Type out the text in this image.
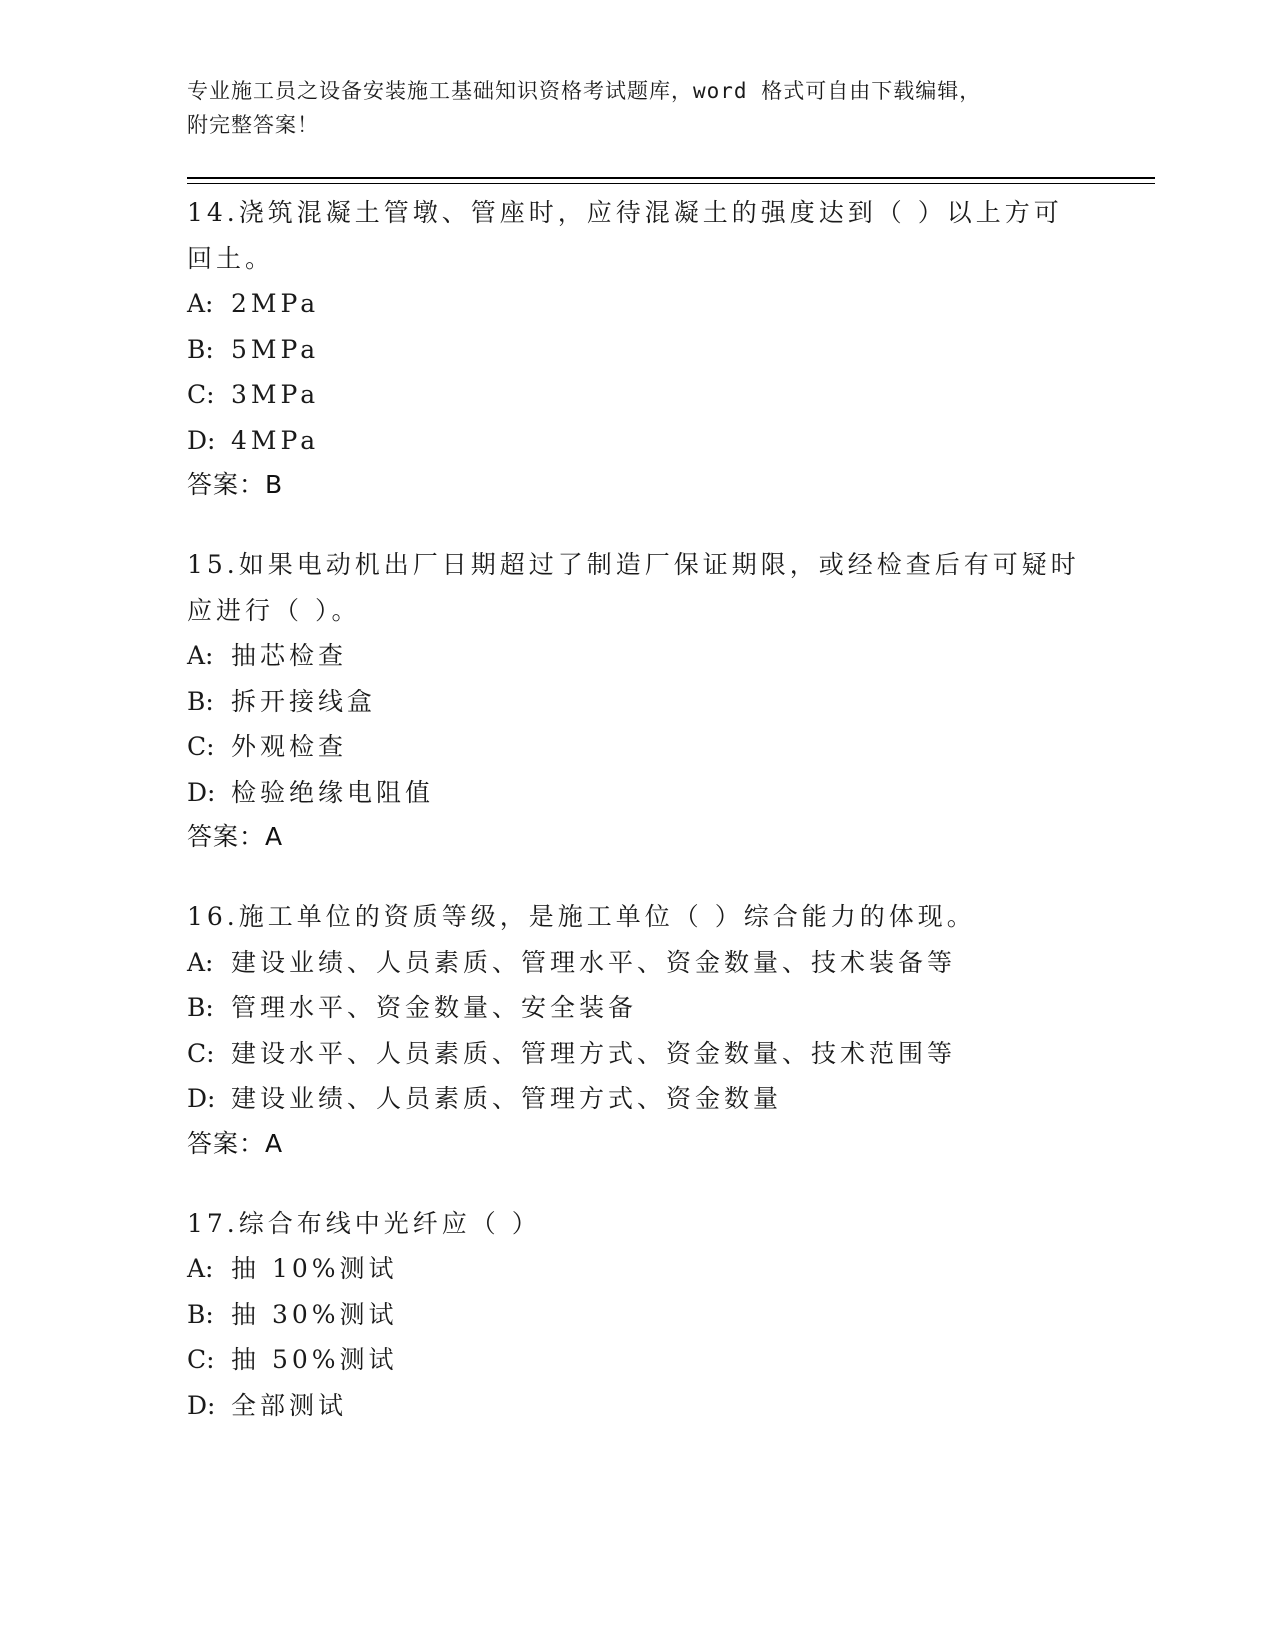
专业施工员之设备安装施工基础知识资格考试题库，word 格式可自由下载编辑，
附完整答案！

14.浇筑混凝土管墩、管座时，应待混凝土的强度达到（ ）以上方可

回土。

A: 2MPa

B: 5MPa

C: 3MPa

D: 4MPa

答案：B

15.如果电动机出厂日期超过了制造厂保证期限，或经检查后有可疑时

应进行（ ）。

A: 抽芯检查

B: 拆开接线盒

C: 外观检查

D: 检验绝缘电阻值

答案：A

16.施工单位的资质等级，是施工单位（ ）综合能力的体现。

A: 建设业绩、人员素质、管理水平、资金数量、技术装备等

B: 管理水平、资金数量、安全装备

C: 建设水平、人员素质、管理方式、资金数量、技术范围等

D: 建设业绩、人员素质、管理方式、资金数量

答案：A

17.综合布线中光纤应（ ）

A: 抽 10%测试

B: 抽 30%测试

C: 抽 50%测试

D: 全部测试
